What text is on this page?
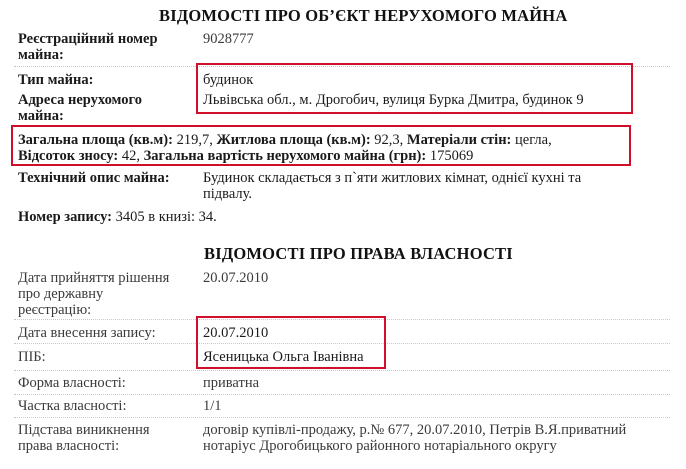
ВІДОМОСТІ ПРО ОБ’ЄКТ НЕРУХОМОГО МАЙНА
Реєстраційний номер
майна:
9028777
Тип майна:	будинок
Адреса нерухомого
майна:
Львівська обл., м. Дрогобич, вулиця Бурка Дмитра, будинок 9
Загальна площа (кв.м): 219,7, Житлова площа (кв.м): 92,3, Матеріали стін: цегла,
Відсоток зносу: 42, Загальна вартість нерухомого майна (грн): 175069
Технічний опис майна: Будинок складається з п`яти житлових кімнат, однієї кухні та
підвалу.
Номер запису: 3405 в книзі: 34.
ВІДОМОСТІ ПРО ПРАВА ВЛАСНОСТІ
Дата прийняття рішення
про державну
реєстрацію:
20.07.2010
Дата внесення запису:	20.07.2010
ПІБ:	Ясеницька Ольга Іванівна
Форма власності:	приватна
Частка власності:	1/1
Підстава виникнення
права власності:
договір купівлі-продажу, р.№ 677, 20.07.2010, Петрів В.Я.приватний
нотаріус Дрогобицького районного нотаріального округу
